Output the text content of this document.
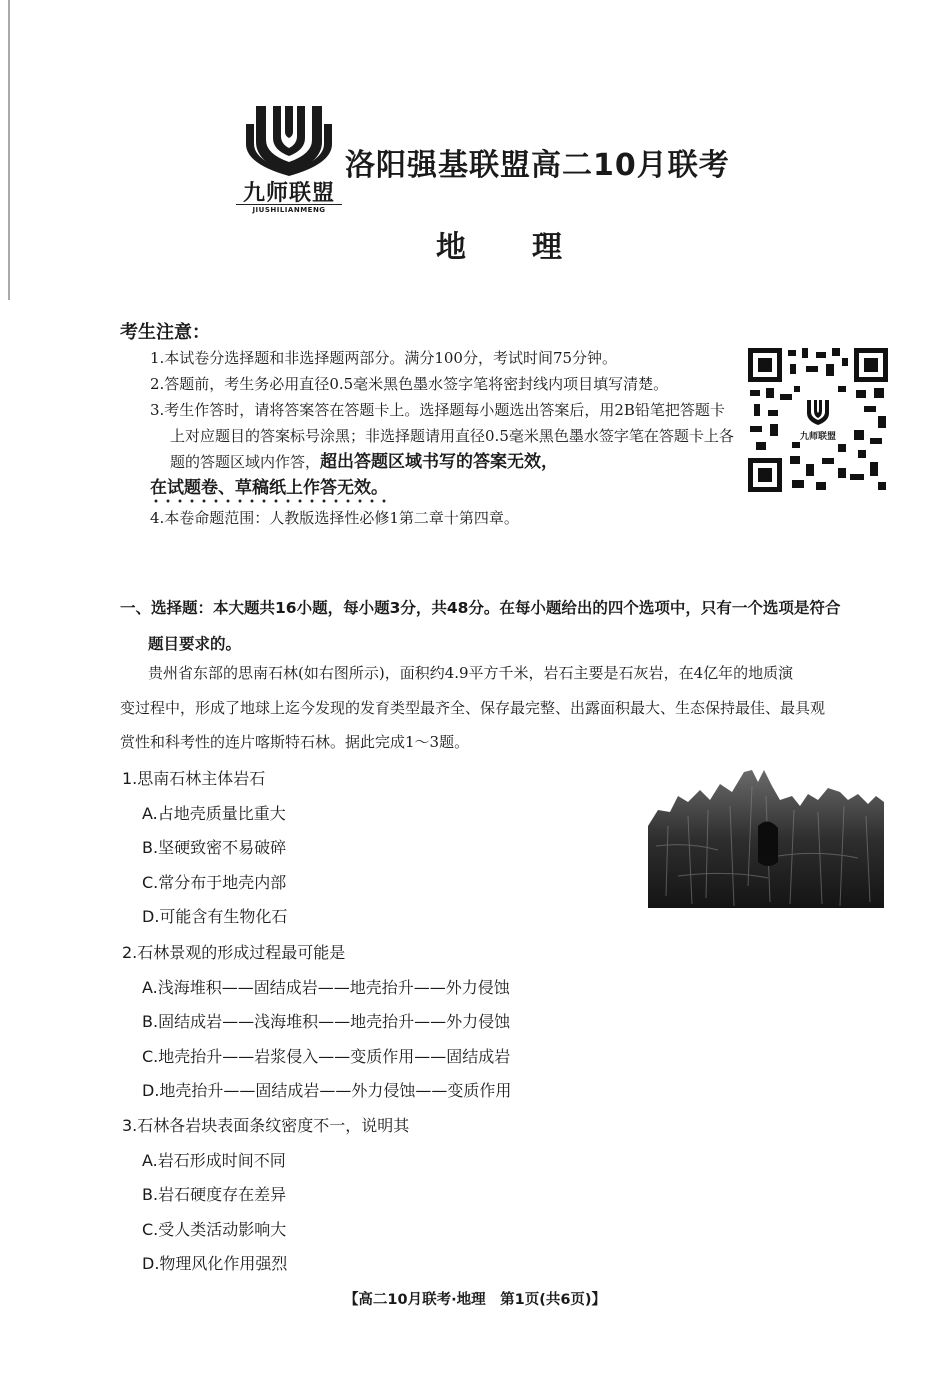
九师联盟
JIUSHILIANMENG
洛阳强基联盟高二10月联考
地理
考生注意：
1.本试卷分选择题和非选择题两部分。满分100分，考试时间75分钟。
2.答题前，考生务必用直径0.5毫米黑色墨水签字笔将密封线内项目填写清楚。
3.考生作答时，请将答案答在答题卡上。选择题每小题选出答案后，用2B铅笔把答题卡上对应题目的答案标号涂黑；非选择题请用直径0.5毫米黑色墨水签字笔在答题卡上各题的答题区域内作答，超出答题区域书写的答案无效，
在试题卷、草稿纸上作答无效。
4.本卷命题范围：人教版选择性必修1第二章十第四章。
九师联盟
一、选择题：本大题共16小题，每小题3分，共48分。在每小题给出的四个选项中，只有一个选项是符合
题目要求的。
贵州省东部的思南石林(如右图所示)，面积约4.9平方千米，岩石主要是石灰岩，在4亿年的地质演
变过程中，形成了地球上迄今发现的发育类型最齐全、保存最完整、出露面积最大、生态保持最佳、最具观
赏性和科考性的连片喀斯特石林。据此完成1～3题。
1.思南石林主体岩石
A.占地壳质量比重大
B.坚硬致密不易破碎
C.常分布于地壳内部
D.可能含有生物化石
2.石林景观的形成过程最可能是
A.浅海堆积——固结成岩——地壳抬升——外力侵蚀
B.固结成岩——浅海堆积——地壳抬升——外力侵蚀
C.地壳抬升——岩浆侵入——变质作用——固结成岩
D.地壳抬升——固结成岩——外力侵蚀——变质作用
3.石林各岩块表面条纹密度不一，说明其
A.岩石形成时间不同
B.岩石硬度存在差异
C.受人类活动影响大
D.物理风化作用强烈
【高二10月联考·地理　第1页(共6页)】
